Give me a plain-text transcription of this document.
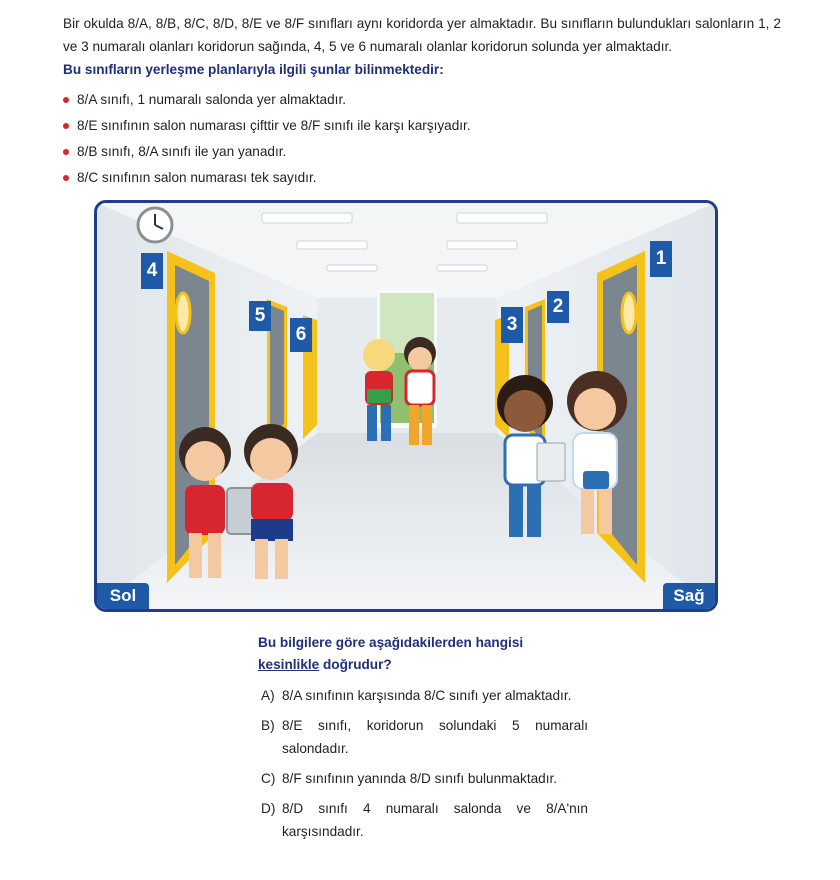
Bir okulda 8/A, 8/B, 8/C, 8/D, 8/E ve 8/F sınıfları aynı koridorda yer almaktadır. Bu sınıfların bulundukları salonların 1, 2 ve 3 numaralı olanları koridorun sağında, 4, 5 ve 6 numaralı olanlar koridorun solunda yer almaktadır.

Bu sınıfların yerleşme planlarıyla ilgili şunlar bilinmektedir:

8/A sınıfı, 1 numaralı salonda yer almaktadır.
8/E sınıfının salon numarası çifttir ve 8/F sınıfı ile karşı karşıyadır.
8/B sınıfı, 8/A sınıfı ile yan yanadır.
8/C sınıfının salon numarası tek sayıdır.
4
5
6
1
2
3
Sol	Sağ

Bu bilgilere göre aşağıdakilerden hangisi kesinlikle doğrudur?

A) 8/A sınıfının karşısında 8/C sınıfı yer almaktadır.
B) 8/E sınıfı, koridorun solundaki 5 numaralı salondadır.
C) 8/F sınıfının yanında 8/D sınıfı bulunmaktadır.
D) 8/D sınıfı 4 numaralı salonda ve 8/A'nın karşısındadır.
